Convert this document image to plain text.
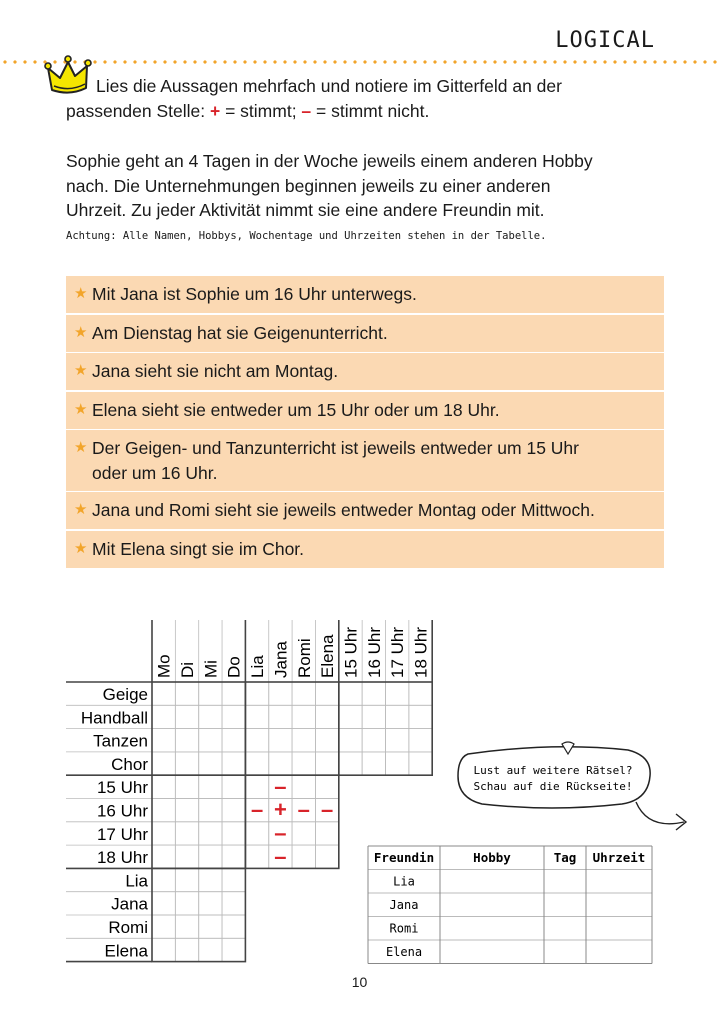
LOGICAL
Lies die Aussagen mehrfach und notiere im Gitterfeld an der
passenden Stelle: + = stimmt; – = stimmt nicht.
Sophie geht an 4 Tagen in der Woche jeweils einem anderen Hobby
nach. Die Unternehmungen beginnen jeweils zu einer anderen
Uhrzeit. Zu jeder Aktivität nimmt sie eine andere Freundin mit.
Achtung: Alle Namen, Hobbys, Wochentage und Uhrzeiten stehen in der Tabelle.
★ Mit Jana ist Sophie um 16 Uhr unterwegs.
★ Am Dienstag hat sie Geigenunterricht.
★ Jana sieht sie nicht am Montag.
★ Elena sieht sie entweder um 15 Uhr oder um 18 Uhr.
★ Der Geigen- und Tanzunterricht ist jeweils entweder um 15 Uhr
oder um 16 Uhr.
★ Jana und Romi sieht sie jeweils entweder Montag oder Mittwoch.
★ Mit Elena singt sie im Chor.
Mo Di Mi Do Lia Jana Romi Elena 15 Uhr 16 Uhr 17 Uhr 18 Uhr
Geige
Handball
Tanzen
Chor
15 Uhr
16 Uhr
17 Uhr
18 Uhr
Lia
Jana
Romi
Elena
–
– + – –
–
–
Lust auf weitere Rätsel?
Schau auf die Rückseite!
Freundin	Hobby	Tag Uhrzeit
Lia
Jana
Romi
Elena
10
